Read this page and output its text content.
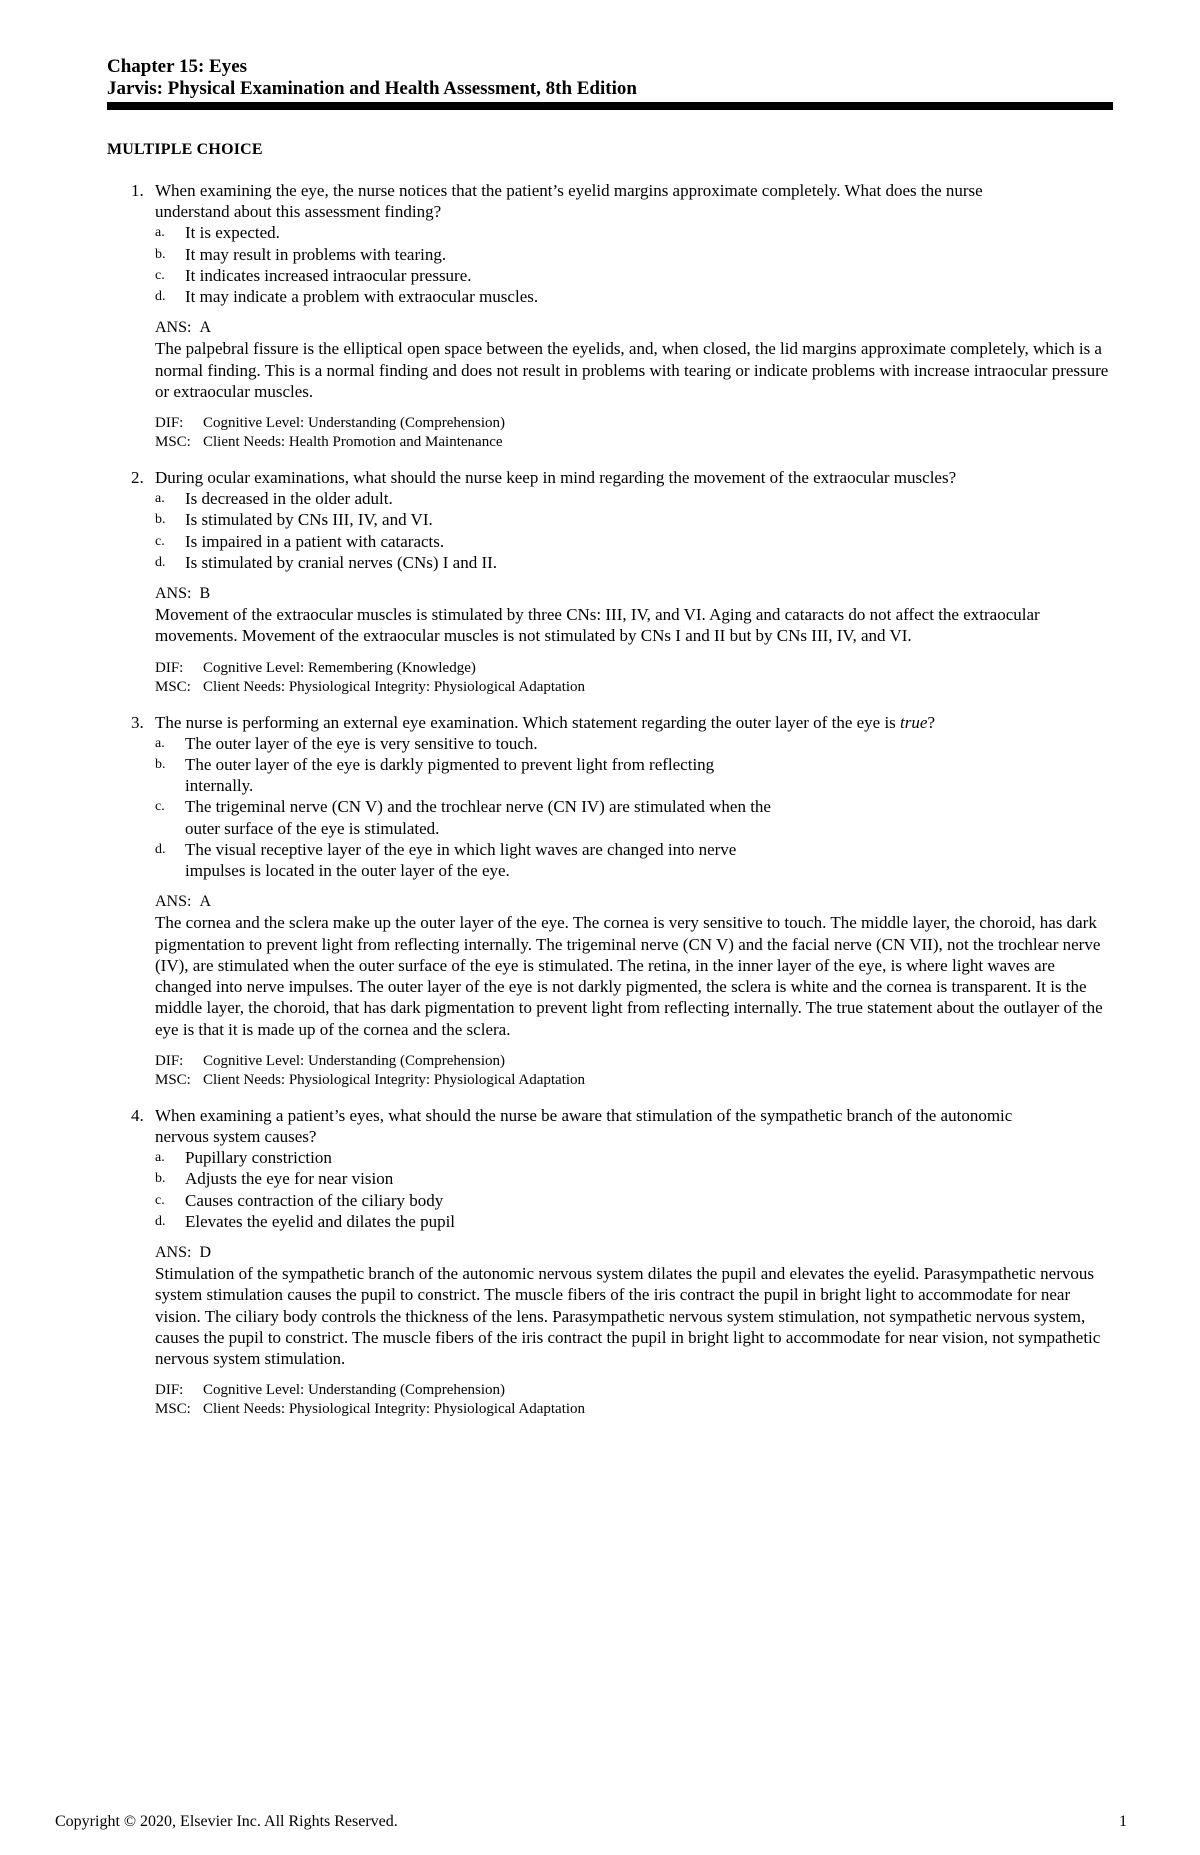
Chapter 15: Eyes
Jarvis: Physical Examination and Health Assessment, 8th Edition
MULTIPLE CHOICE
1. When examining the eye, the nurse notices that the patient’s eyelid margins approximate completely. What does the nurse understand about this assessment finding?

a. It is expected.
b. It may result in problems with tearing.
c. It indicates increased intraocular pressure.
d. It may indicate a problem with extraocular muscles.
ANS:  A

The palpebral fissure is the elliptical open space between the eyelids, and, when closed, the lid margins approximate completely, which is a normal finding. This is a normal finding and does not result in problems with tearing or indicate problems with increase intraocular pressure or extraocular muscles.

DIF:	Cognitive Level: Understanding (Comprehension)
MSC: Client Needs: Health Promotion and Maintenance
2. During ocular examinations, what should the nurse keep in mind regarding the movement of the extraocular muscles?

a. Is decreased in the older adult.
b. Is stimulated by CNs III, IV, and VI.
c. Is impaired in a patient with cataracts.
d. Is stimulated by cranial nerves (CNs) I and II.
ANS:  B

Movement of the extraocular muscles is stimulated by three CNs: III, IV, and VI. Aging and cataracts do not affect the extraocular movements. Movement of the extraocular muscles is not stimulated by CNs I and II but by CNs III, IV, and VI.

DIF:	Cognitive Level: Remembering (Knowledge)
MSC: Client Needs: Physiological Integrity: Physiological Adaptation
3. The nurse is performing an external eye examination. Which statement regarding the outer layer of the eye is true?

a. The outer layer of the eye is very sensitive to touch.
b. The outer layer of the eye is darkly pigmented to prevent light from reflecting internally.
c. The trigeminal nerve (CN V) and the trochlear nerve (CN IV) are stimulated when the outer surface of the eye is stimulated.
d. The visual receptive layer of the eye in which light waves are changed into nerve impulses is located in the outer layer of the eye.
ANS:  A

The cornea and the sclera make up the outer layer of the eye. The cornea is very sensitive to touch. The middle layer, the choroid, has dark pigmentation to prevent light from reflecting internally. The trigeminal nerve (CN V) and the facial nerve (CN VII), not the trochlear nerve (IV), are stimulated when the outer surface of the eye is stimulated. The retina, in the inner layer of the eye, is where light waves are changed into nerve impulses. The outer layer of the eye is not darkly pigmented, the sclera is white and the cornea is transparent. It is the middle layer, the choroid, that has dark pigmentation to prevent light from reflecting internally. The true statement about the outlayer of the eye is that it is made up of the cornea and the sclera.

DIF:	Cognitive Level: Understanding (Comprehension)
MSC: Client Needs: Physiological Integrity: Physiological Adaptation
4. When examining a patient’s eyes, what should the nurse be aware that stimulation of the sympathetic branch of the autonomic nervous system causes?

a. Pupillary constriction
b. Adjusts the eye for near vision
c. Causes contraction of the ciliary body
d. Elevates the eyelid and dilates the pupil
ANS:  D

Stimulation of the sympathetic branch of the autonomic nervous system dilates the pupil and elevates the eyelid. Parasympathetic nervous system stimulation causes the pupil to constrict. The muscle fibers of the iris contract the pupil in bright light to accommodate for near vision. The ciliary body controls the thickness of the lens. Parasympathetic nervous system stimulation, not sympathetic nervous system, causes the pupil to constrict. The muscle fibers of the iris contract the pupil in bright light to accommodate for near vision, not sympathetic nervous system stimulation.

DIF:	Cognitive Level: Understanding (Comprehension)
MSC: Client Needs: Physiological Integrity: Physiological Adaptation
Copyright © 2020, Elsevier Inc. All Rights Reserved.	1
